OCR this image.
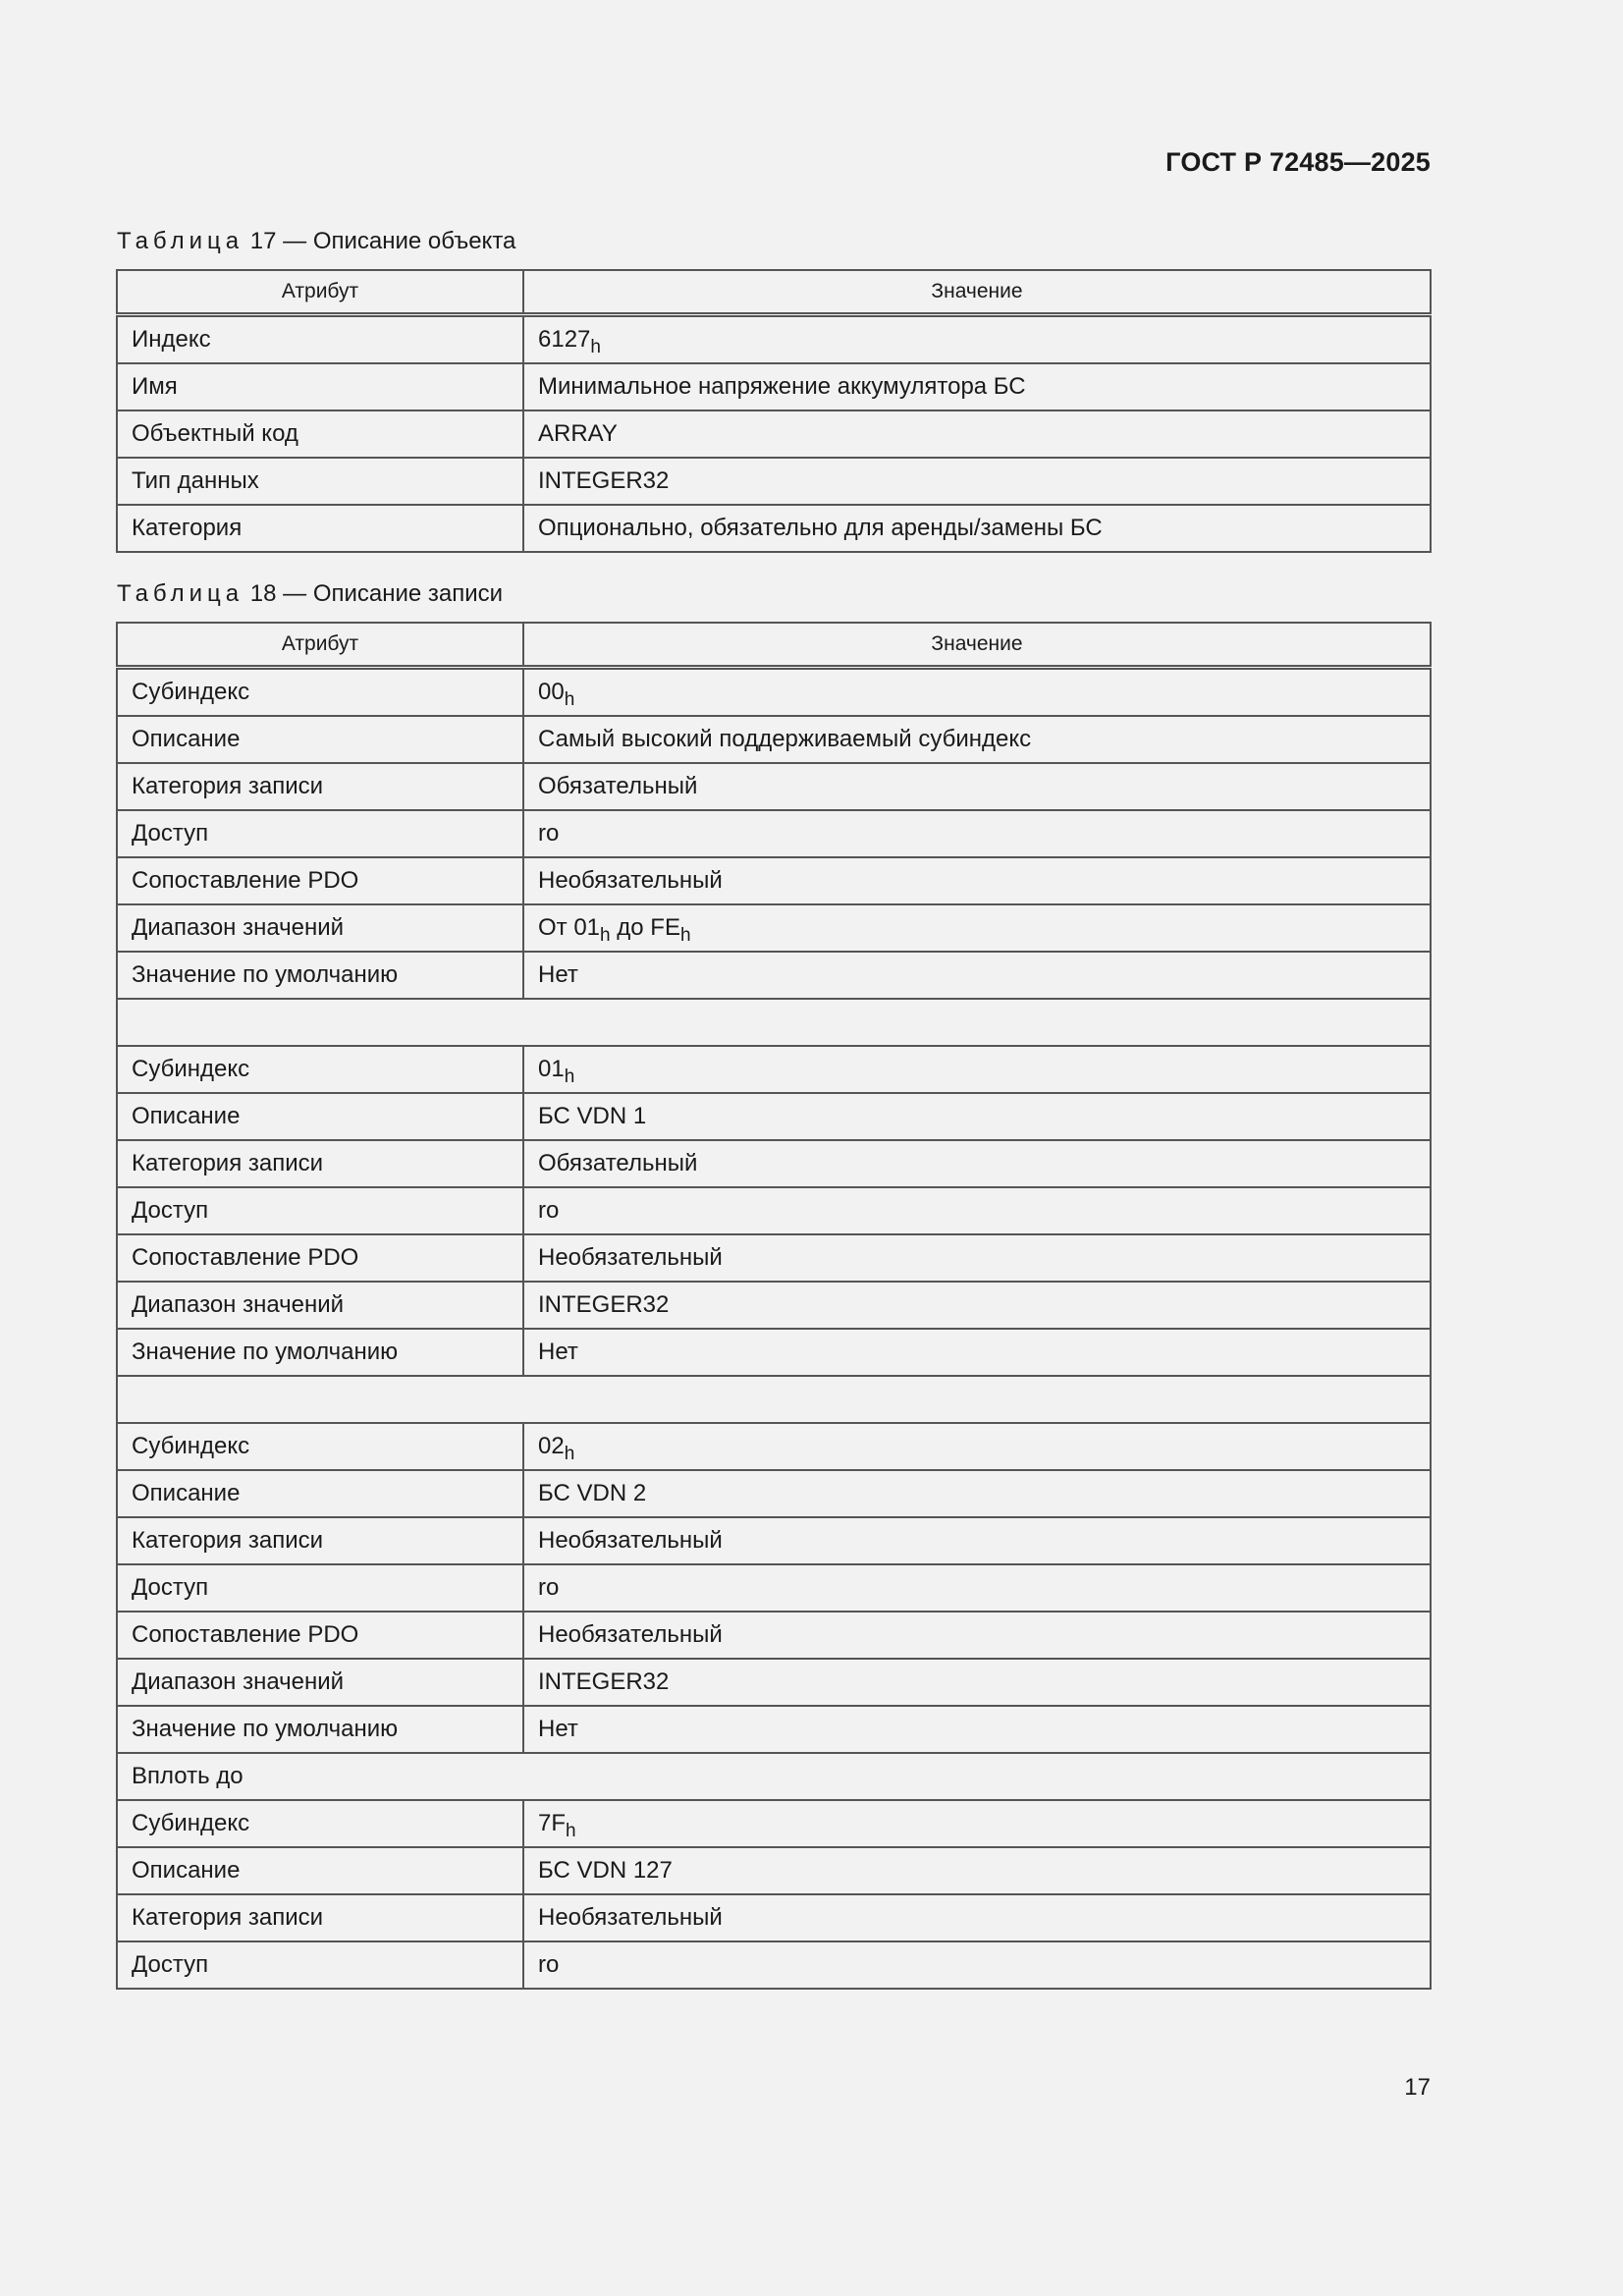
ГОСТ Р 72485—2025
Таблица 17 — Описание объекта
Атрибут	Значение
Индекс	$6127_h$
Имя	Минимальное напряжение аккумулятора БС
Объектный код	ARRAY
Тип данных	INTEGER32
Категория	Опционально, обязательно для аренды/замены БС
Таблица 18 — Описание записи
Атрибут	Значение
Субиндекс	$00_h$
Описание	Самый высокий поддерживаемый субиндекс
Категория записи	Обязательный
Доступ	ro
Сопоставление PDO	Необязательный
Диапазон значений	От $01_h$ до $FE_h$
Значение по умолчанию	Нет

Субиндекс	$01_h$
Описание	БС VDN 1
Категория записи	Обязательный
Доступ	ro
Сопоставление PDO	Необязательный
Диапазон значений	INTEGER32
Значение по умолчанию	Нет

Субиндекс	$02_h$
Описание	БС VDN 2
Категория записи	Необязательный
Доступ	ro
Сопоставление PDO	Необязательный
Диапазон значений	INTEGER32
Значение по умолчанию	Нет
Вплоть до	
Субиндекс	$7F_h$
Описание	БС VDN 127
Категория записи	Необязательный
Доступ	ro
17
